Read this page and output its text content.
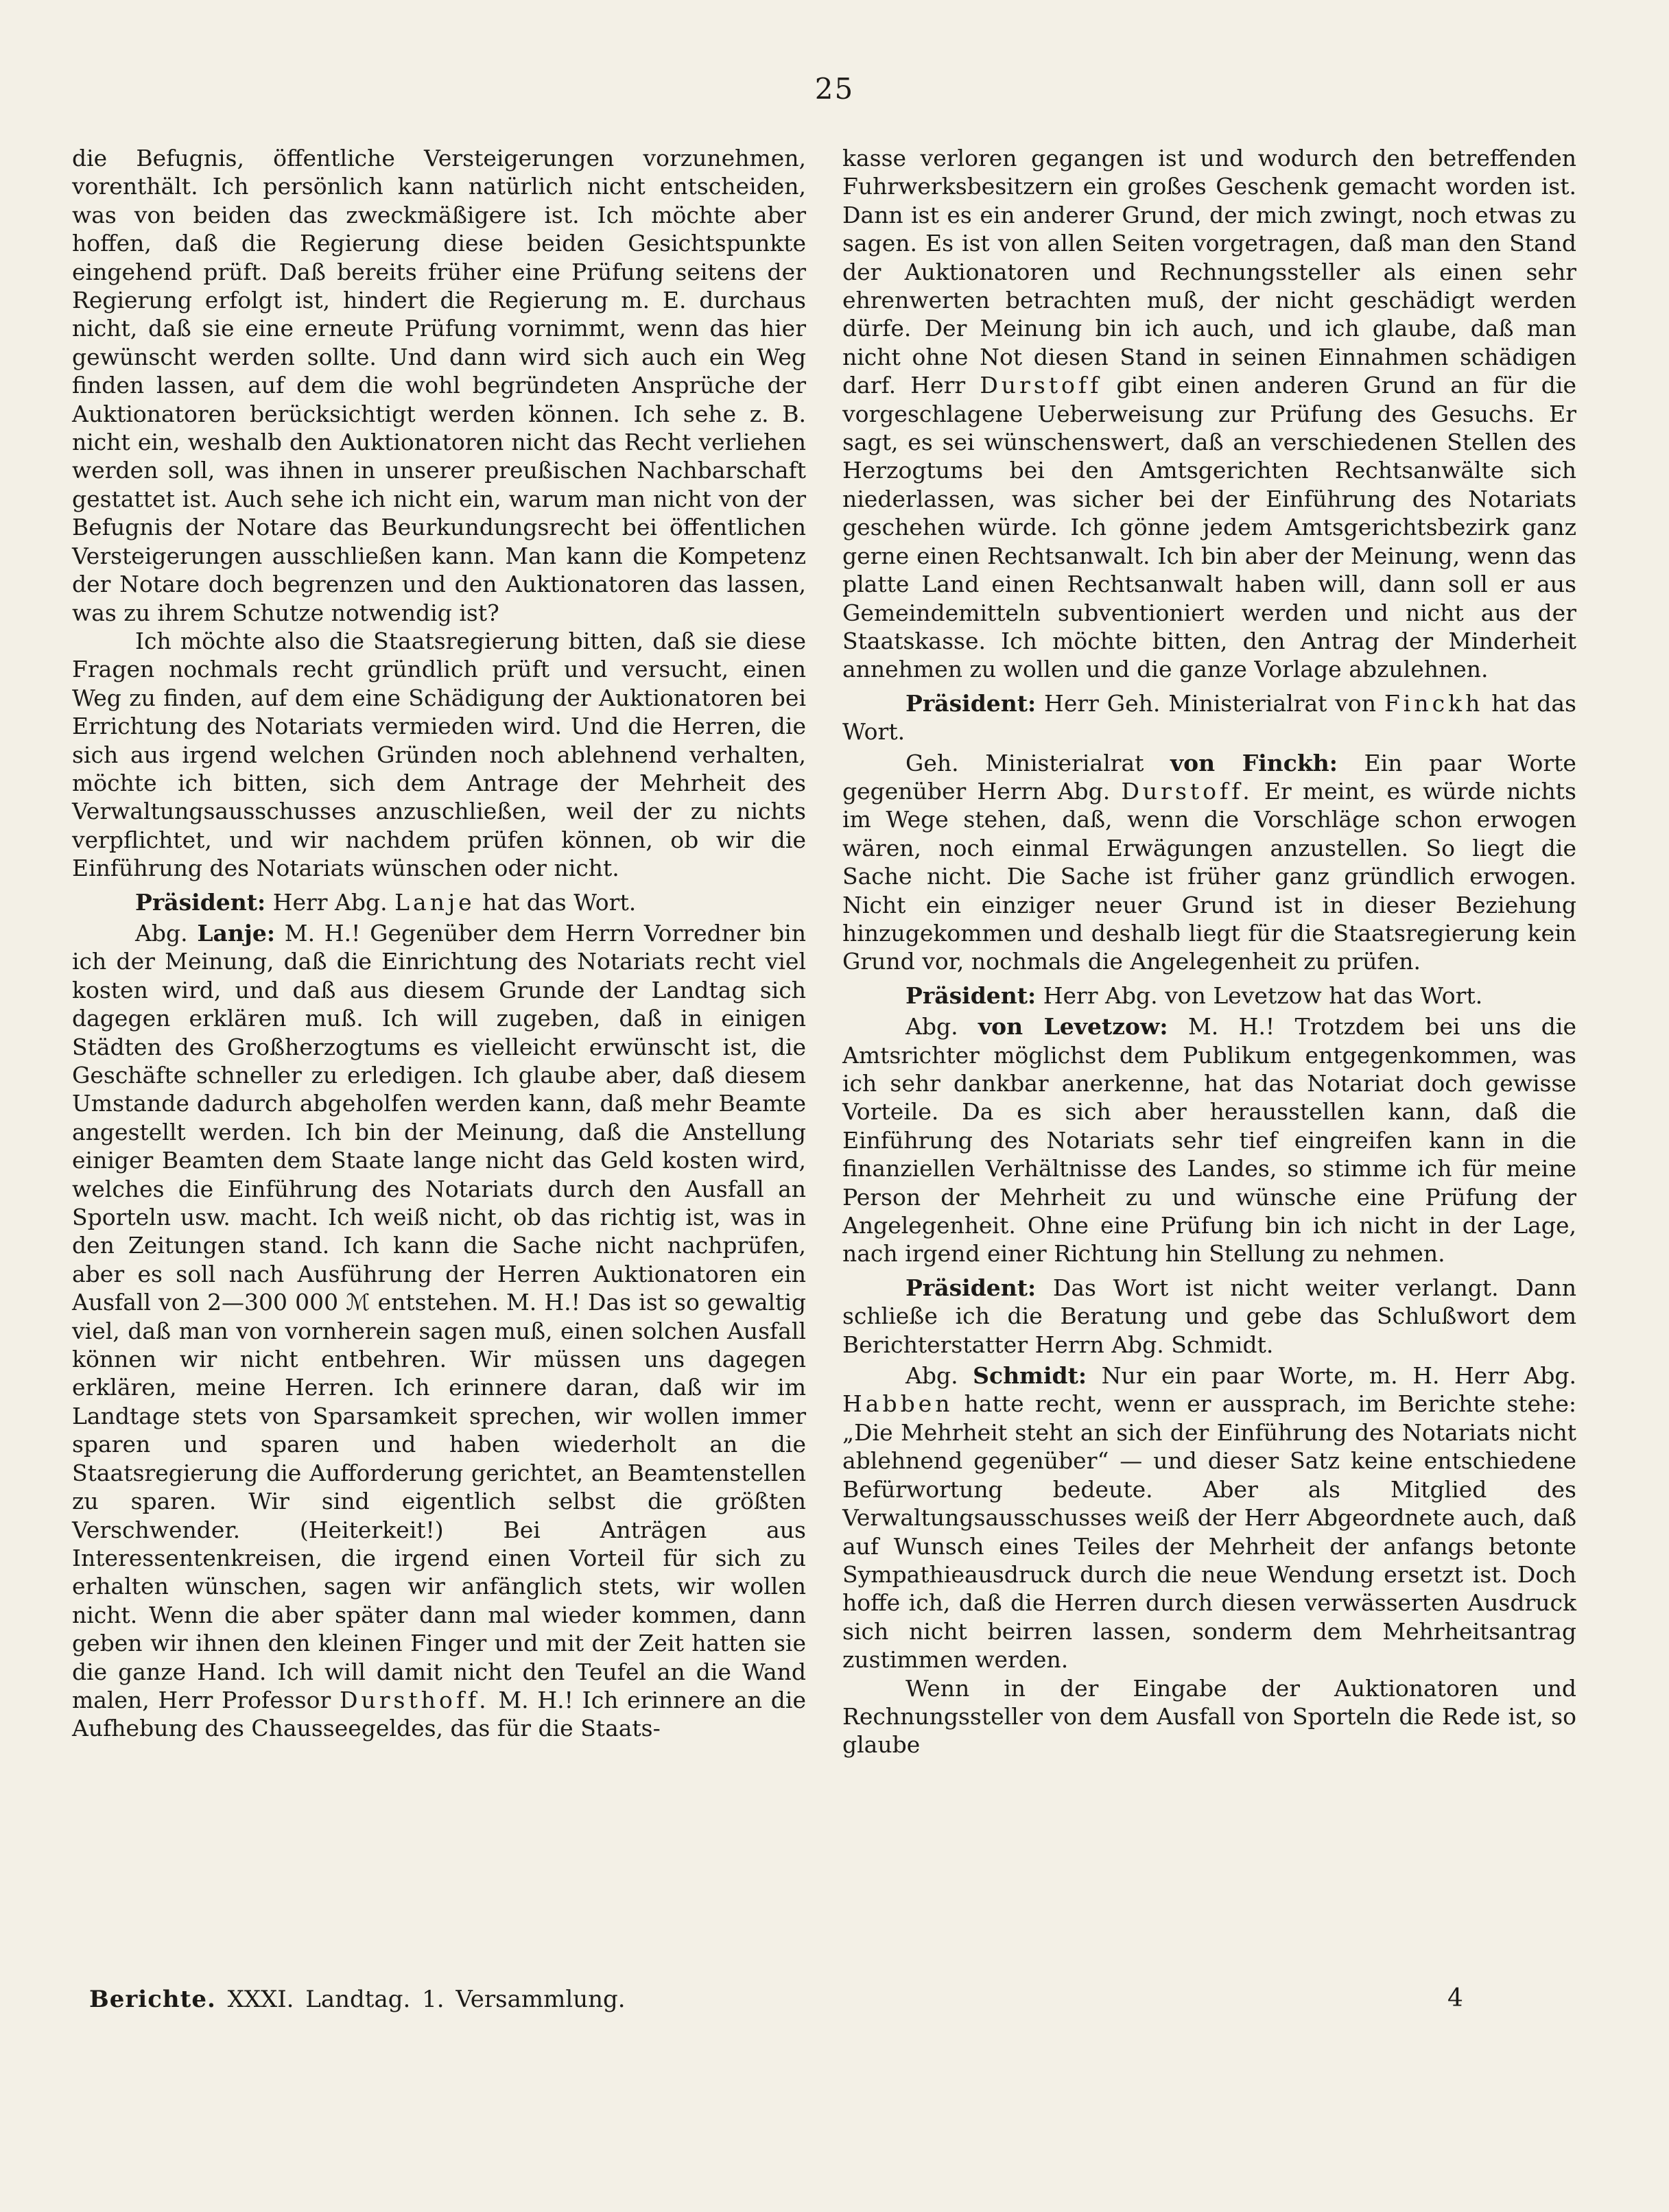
25

die Befugnis, öffentliche Versteigerungen vorzunehmen, vorenthält. Ich persönlich kann natürlich nicht entscheiden, was von beiden das zweckmäßigere ist. Ich möchte aber hoffen, daß die Regierung diese beiden Gesichtspunkte eingehend prüft. Daß bereits früher eine Prüfung seitens der Regierung erfolgt ist, hindert die Regierung m. E. durchaus nicht, daß sie eine erneute Prüfung vornimmt, wenn das hier gewünscht werden sollte. Und dann wird sich auch ein Weg finden lassen, auf dem die wohl begründeten Ansprüche der Auktionatoren berücksichtigt werden können. Ich sehe z. B. nicht ein, weshalb den Auktionatoren nicht das Recht verliehen werden soll, was ihnen in unserer preußischen Nachbarschaft gestattet ist. Auch sehe ich nicht ein, warum man nicht von der Befugnis der Notare das Beurkundungsrecht bei öffentlichen Versteigerungen ausschließen kann. Man kann die Kompetenz der Notare doch begrenzen und den Auktionatoren das lassen, was zu ihrem Schutze notwendig ist?

Ich möchte also die Staatsregierung bitten, daß sie diese Fragen nochmals recht gründlich prüft und versucht, einen Weg zu finden, auf dem eine Schädigung der Auktionatoren bei Errichtung des Notariats vermieden wird. Und die Herren, die sich aus irgend welchen Gründen noch ablehnend verhalten, möchte ich bitten, sich dem Antrage der Mehrheit des Verwaltungsausschusses anzuschließen, weil der zu nichts verpflichtet, und wir nachdem prüfen können, ob wir die Einführung des Notariats wünschen oder nicht.

Präsident: Herr Abg. Lanje hat das Wort.

Abg. Lanje: M. H.! Gegenüber dem Herrn Vorredner bin ich der Meinung, daß die Einrichtung des Notariats recht viel kosten wird, und daß aus diesem Grunde der Landtag sich dagegen erklären muß. Ich will zugeben, daß in einigen Städten des Großherzogtums es vielleicht erwünscht ist, die Geschäfte schneller zu erledigen. Ich glaube aber, daß diesem Umstande dadurch abgeholfen werden kann, daß mehr Beamte angestellt werden. Ich bin der Meinung, daß die Anstellung einiger Beamten dem Staate lange nicht das Geld kosten wird, welches die Einführung des Notariats durch den Ausfall an Sporteln usw. macht. Ich weiß nicht, ob das richtig ist, was in den Zeitungen stand. Ich kann die Sache nicht nachprüfen, aber es soll nach Ausführung der Herren Auktionatoren ein Ausfall von 2—300 000 ℳ entstehen. M. H.! Das ist so gewaltig viel, daß man von vornherein sagen muß, einen solchen Ausfall können wir nicht entbehren. Wir müssen uns dagegen erklären, meine Herren. Ich erinnere daran, daß wir im Landtage stets von Sparsamkeit sprechen, wir wollen immer sparen und sparen und haben wiederholt an die Staatsregierung die Aufforderung gerichtet, an Beamtenstellen zu sparen. Wir sind eigentlich selbst die größten Verschwender. (Heiterkeit!) Bei Anträgen aus Interessentenkreisen, die irgend einen Vorteil für sich zu erhalten wünschen, sagen wir anfänglich stets, wir wollen nicht. Wenn die aber später dann mal wieder kommen, dann geben wir ihnen den kleinen Finger und mit der Zeit hatten sie die ganze Hand. Ich will damit nicht den Teufel an die Wand malen, Herr Professor Dursthoff. M. H.! Ich erinnere an die Aufhebung des Chausseegeldes, das für die Staats-

kasse verloren gegangen ist und wodurch den betreffenden Fuhrwerksbesitzern ein großes Geschenk gemacht worden ist. Dann ist es ein anderer Grund, der mich zwingt, noch etwas zu sagen. Es ist von allen Seiten vorgetragen, daß man den Stand der Auktionatoren und Rechnungssteller als einen sehr ehrenwerten betrachten muß, der nicht geschädigt werden dürfe. Der Meinung bin ich auch, und ich glaube, daß man nicht ohne Not diesen Stand in seinen Einnahmen schädigen darf. Herr Durstoff gibt einen anderen Grund an für die vorgeschlagene Ueberweisung zur Prüfung des Gesuchs. Er sagt, es sei wünschenswert, daß an verschiedenen Stellen des Herzogtums bei den Amtsgerichten Rechtsanwälte sich niederlassen, was sicher bei der Einführung des Notariats geschehen würde. Ich gönne jedem Amtsgerichtsbezirk ganz gerne einen Rechtsanwalt. Ich bin aber der Meinung, wenn das platte Land einen Rechtsanwalt haben will, dann soll er aus Gemeindemitteln subventioniert werden und nicht aus der Staatskasse. Ich möchte bitten, den Antrag der Minderheit annehmen zu wollen und die ganze Vorlage abzulehnen.

Präsident: Herr Geh. Ministerialrat von Finckh hat das Wort.

Geh. Ministerialrat von Finckh: Ein paar Worte gegenüber Herrn Abg. Durstoff. Er meint, es würde nichts im Wege stehen, daß, wenn die Vorschläge schon erwogen wären, noch einmal Erwägungen anzustellen. So liegt die Sache nicht. Die Sache ist früher ganz gründlich erwogen. Nicht ein einziger neuer Grund ist in dieser Beziehung hinzugekommen und deshalb liegt für die Staatsregierung kein Grund vor, nochmals die Angelegenheit zu prüfen.

Präsident: Herr Abg. von Levetzow hat das Wort.

Abg. von Levetzow: M. H.! Trotzdem bei uns die Amtsrichter möglichst dem Publikum entgegenkommen, was ich sehr dankbar anerkenne, hat das Notariat doch gewisse Vorteile. Da es sich aber herausstellen kann, daß die Einführung des Notariats sehr tief eingreifen kann in die finanziellen Verhältnisse des Landes, so stimme ich für meine Person der Mehrheit zu und wünsche eine Prüfung der Angelegenheit. Ohne eine Prüfung bin ich nicht in der Lage, nach irgend einer Richtung hin Stellung zu nehmen.

Präsident: Das Wort ist nicht weiter verlangt. Dann schließe ich die Beratung und gebe das Schlußwort dem Berichterstatter Herrn Abg. Schmidt.

Abg. Schmidt: Nur ein paar Worte, m. H. Herr Abg. Habben hatte recht, wenn er aussprach, im Berichte stehe: „Die Mehrheit steht an sich der Einführung des Notariats nicht ablehnend gegenüber“ — und dieser Satz keine entschiedene Befürwortung bedeute. Aber als Mitglied des Verwaltungsausschusses weiß der Herr Abgeordnete auch, daß auf Wunsch eines Teiles der Mehrheit der anfangs betonte Sympathieausdruck durch die neue Wendung ersetzt ist. Doch hoffe ich, daß die Herren durch diesen verwässerten Ausdruck sich nicht beirren lassen, sonderm dem Mehrheitsantrag zustimmen werden.

Wenn in der Eingabe der Auktionatoren und Rechnungssteller von dem Ausfall von Sporteln die Rede ist, so glaube

Berichte. XXXI. Landtag. 1. Versammlung.	4
